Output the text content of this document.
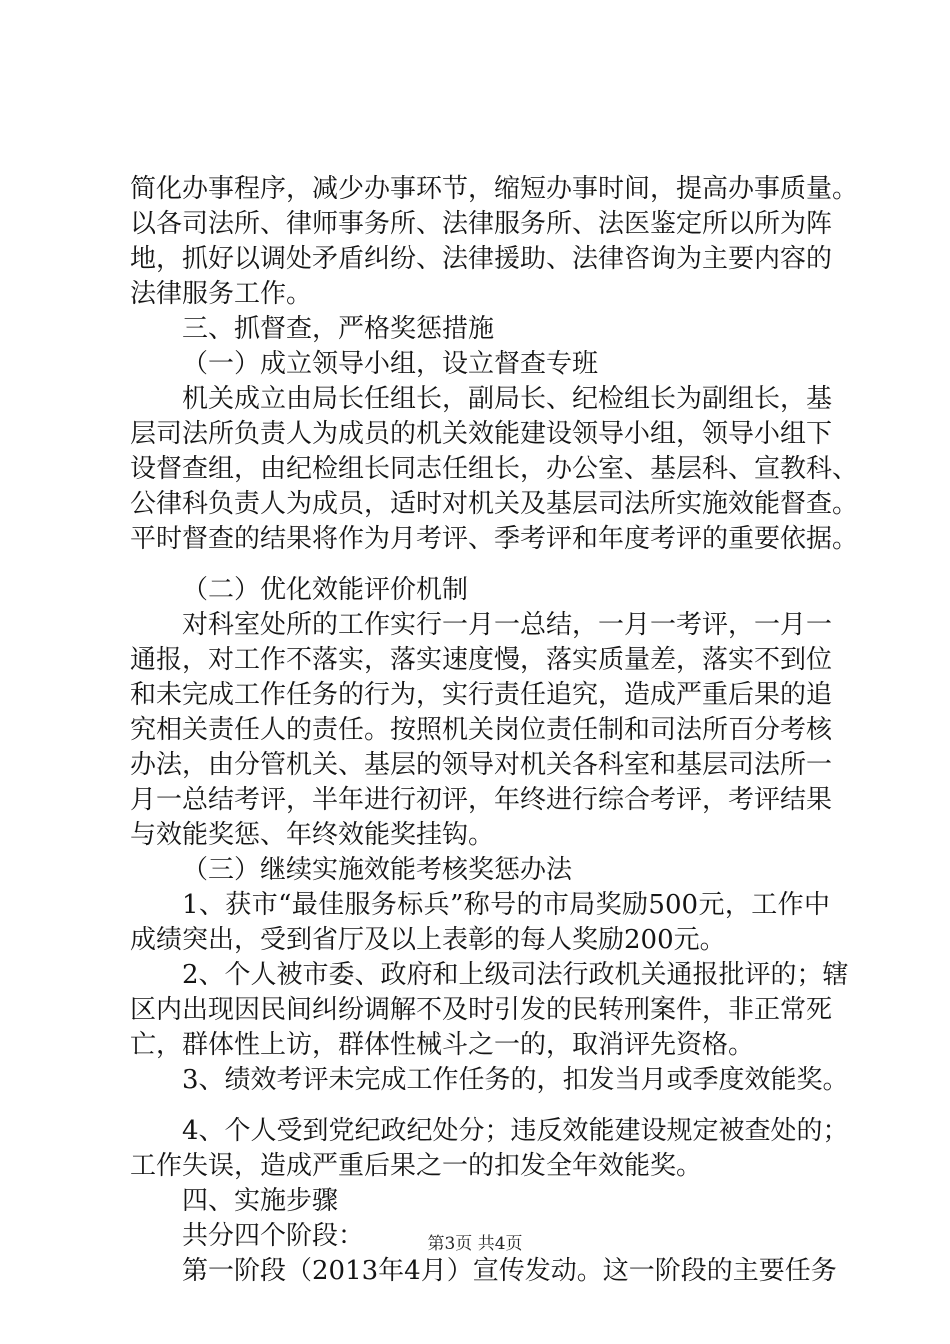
简化办事程序，减少办事环节，缩短办事时间，提高办事质量。
以各司法所、律师事务所、法律服务所、法医鉴定所以所为阵
地，抓好以调处矛盾纠纷、法律援助、法律咨询为主要内容的
法律服务工作。
三、抓督查，严格奖惩措施
（一）成立领导小组，设立督查专班
机关成立由局长任组长，副局长、纪检组长为副组长，基
层司法所负责人为成员的机关效能建设领导小组，领导小组下
设督查组，由纪检组长同志任组长，办公室、基层科、宣教科、
公律科负责人为成员，适时对机关及基层司法所实施效能督查。
平时督查的结果将作为月考评、季考评和年度考评的重要依据。
（二）优化效能评价机制
对科室处所的工作实行一月一总结，一月一考评，一月一
通报，对工作不落实，落实速度慢，落实质量差，落实不到位
和未完成工作任务的行为，实行责任追究，造成严重后果的追
究相关责任人的责任。按照机关岗位责任制和司法所百分考核
办法，由分管机关、基层的领导对机关各科室和基层司法所一
月一总结考评，半年进行初评，年终进行综合考评，考评结果
与效能奖惩、年终效能奖挂钩。
（三）继续实施效能考核奖惩办法
1、获市“最佳服务标兵”称号的市局奖励500元，工作中
成绩突出，受到省厅及以上表彰的每人奖励200元。
2、个人被市委、政府和上级司法行政机关通报批评的；辖
区内出现因民间纠纷调解不及时引发的民转刑案件，非正常死
亡，群体性上访，群体性械斗之一的，取消评先资格。
3、绩效考评未完成工作任务的，扣发当月或季度效能奖。
4、个人受到党纪政纪处分；违反效能建设规定被查处的；
工作失误，造成严重后果之一的扣发全年效能奖。
四、实施步骤
共分四个阶段：
第一阶段（2013年4月）宣传发动。这一阶段的主要任务
第3页 共4页
